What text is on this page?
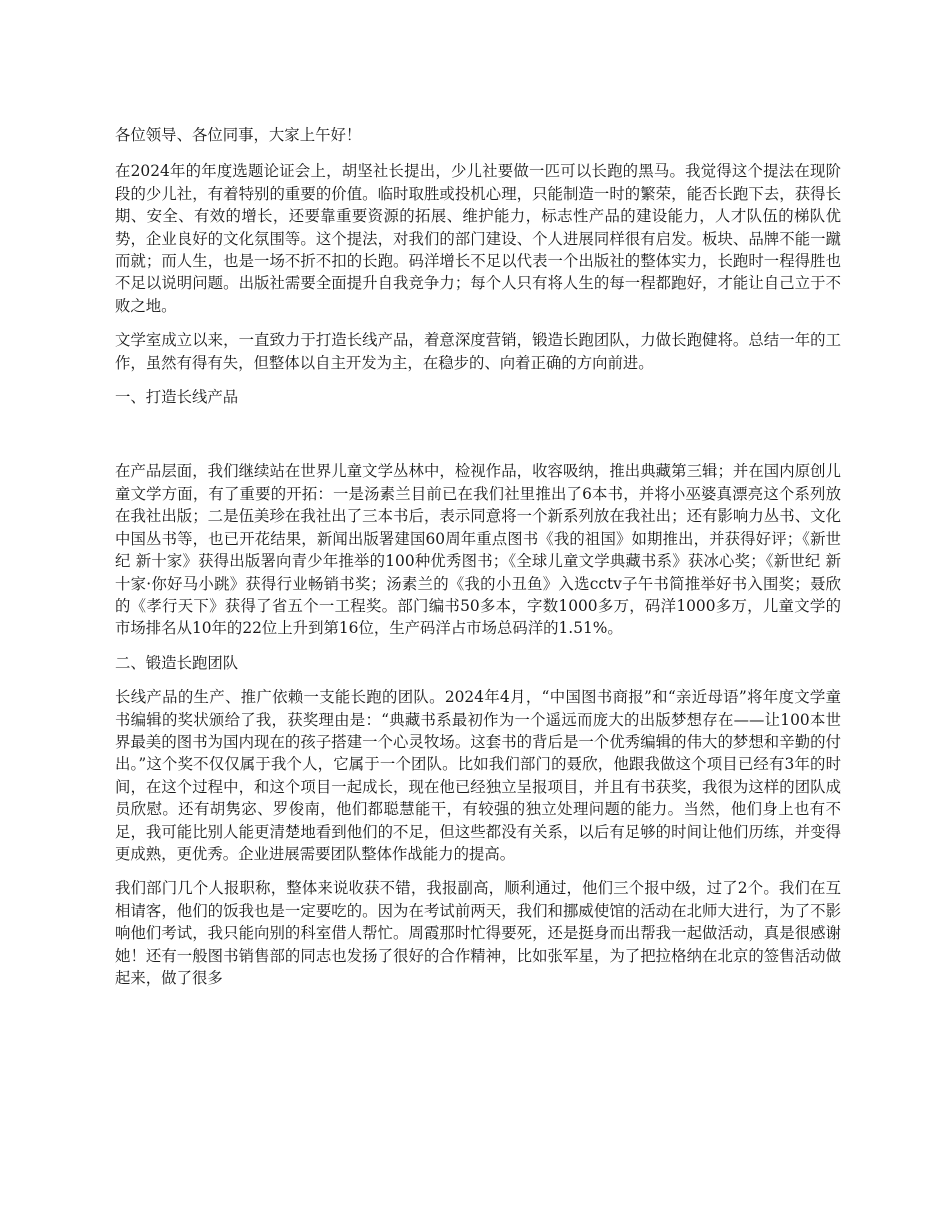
各位领导、各位同事，大家上午好！

在2024年的年度选题论证会上，胡坚社长提出，少儿社要做一匹可以长跑的黑马。我觉得这个提法在现阶段的少儿社，有着特别的重要的价值。临时取胜或投机心理，只能制造一时的繁荣，能否长跑下去，获得长期、安全、有效的增长，还要靠重要资源的拓展、维护能力，标志性产品的建设能力，人才队伍的梯队优势，企业良好的文化氛围等。这个提法，对我们的部门建设、个人进展同样很有启发。板块、品牌不能一蹴而就；而人生，也是一场不折不扣的长跑。码洋增长不足以代表一个出版社的整体实力，长跑时一程得胜也不足以说明问题。出版社需要全面提升自我竞争力；每个人只有将人生的每一程都跑好，才能让自己立于不败之地。

文学室成立以来，一直致力于打造长线产品，着意深度营销，锻造长跑团队，力做长跑健将。总结一年的工作，虽然有得有失，但整体以自主开发为主，在稳步的、向着正确的方向前进。

一、打造长线产品

在产品层面，我们继续站在世界儿童文学丛林中，检视作品，收容吸纳，推出典藏第三辑；并在国内原创儿童文学方面，有了重要的开拓：一是汤素兰目前已在我们社里推出了6本书，并将小巫婆真漂亮这个系列放在我社出版；二是伍美珍在我社出了三本书后，表示同意将一个新系列放在我社出；还有影响力丛书、文化中国丛书等，也已开花结果，新闻出版署建国60周年重点图书《我的祖国》如期推出，并获得好评；《新世纪 新十家》获得出版署向青少年推举的100种优秀图书；《全球儿童文学典藏书系》获冰心奖；《新世纪 新十家·你好马小跳》获得行业畅销书奖；汤素兰的《我的小丑鱼》入选cctv子午书简推举好书入围奖；聂欣的《孝行天下》获得了省五个一工程奖。部门编书50多本，字数1000多万，码洋1000多万，儿童文学的市场排名从10年的22位上升到第16位，生产码洋占市场总码洋的1.51%。

二、锻造长跑团队

长线产品的生产、推广依赖一支能长跑的团队。2024年4月，“中国图书商报”和“亲近母语”将年度文学童书编辑的奖状颁给了我，获奖理由是：“典藏书系最初作为一个遥远而庞大的出版梦想存在——让100本世界最美的图书为国内现在的孩子搭建一个心灵牧场。这套书的背后是一个优秀编辑的伟大的梦想和辛勤的付出。”这个奖不仅仅属于我个人，它属于一个团队。比如我们部门的聂欣，他跟我做这个项目已经有3年的时间，在这个过程中，和这个项目一起成长，现在他已经独立呈报项目，并且有书获奖，我很为这样的团队成员欣慰。还有胡隽宓、罗俊南，他们都聪慧能干，有较强的独立处理问题的能力。当然，他们身上也有不足，我可能比别人能更清楚地看到他们的不足，但这些都没有关系，以后有足够的时间让他们历练，并变得更成熟，更优秀。企业进展需要团队整体作战能力的提高。

我们部门几个人报职称，整体来说收获不错，我报副高，顺利通过，他们三个报中级，过了2个。我们在互相请客，他们的饭我也是一定要吃的。因为在考试前两天，我们和挪威使馆的活动在北师大进行，为了不影响他们考试，我只能向别的科室借人帮忙。周霞那时忙得要死，还是挺身而出帮我一起做活动，真是很感谢她！还有一般图书销售部的同志也发扬了很好的合作精神，比如张军星，为了把拉格纳在北京的签售活动做起来，做了很多
